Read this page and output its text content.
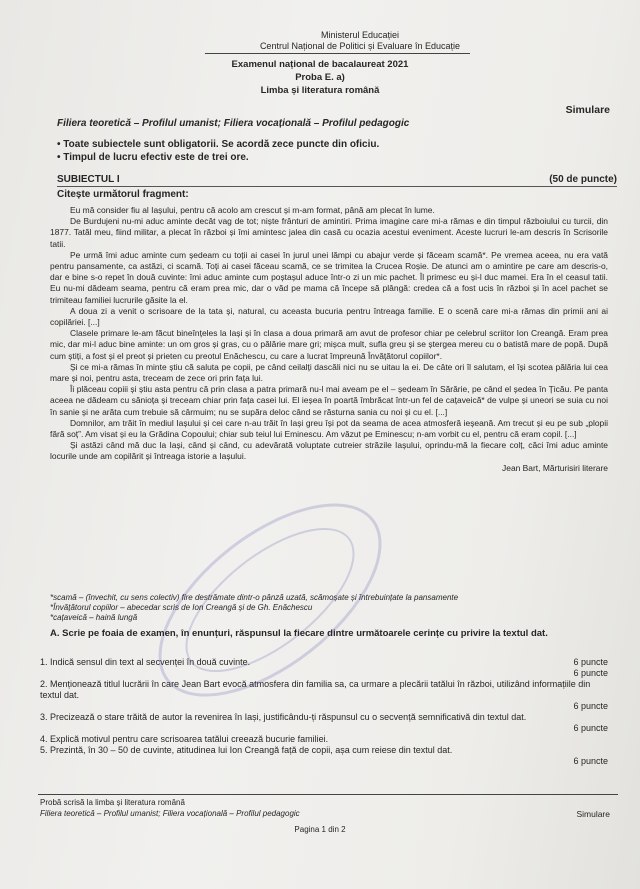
Ministerul Educației
Centrul Național de Politici și Evaluare în Educație
Examenul național de bacalaureat 2021
Proba E. a)
Limba și literatura română
Simulare
Filiera teoretică – Profilul umanist; Filiera vocațională – Profilul pedagogic
• Toate subiectele sunt obligatorii. Se acordă zece puncte din oficiu.
• Timpul de lucru efectiv este de trei ore.
SUBIECTUL I	(50 de puncte)
Citește următorul fragment:

Eu mă consider fiu al Iașului, pentru că acolo am crescut și m-am format, până am plecat în lume.

De Burdujeni nu-mi aduc aminte decât vag de tot; niște frânturi de amintiri. Prima imagine care mi-a rămas e din timpul războiului cu turcii, din 1877. Tatăl meu, fiind militar, a plecat în război și îmi amintesc jalea din casă cu ocazia acestui eveniment. Aceste lucruri le-am descris în Scrisorile tatii.

Pe urmă îmi aduc aminte cum ședeam cu toții ai casei în jurul unei lămpi cu abajur verde și făceam scamă*. Pe vremea aceea, nu era vată pentru pansamente, ca astăzi, ci scamă. Toți ai casei făceau scamă, ce se trimitea la Crucea Roșie. De atunci am o amintire pe care am descris-o, dar e bine s-o repet în două cuvinte: îmi aduc aminte cum poștașul aduce într-o zi un mic pachet. Îl primesc eu și-l duc mamei. Era în el ceasul tatii. Eu nu-mi dădeam seama, pentru că eram prea mic, dar o văd pe mama că începe să plângă: credea că a fost ucis în război și în acel pachet se trimiteau familiei lucrurile găsite la el.

A doua zi a venit o scrisoare de la tata și, natural, cu aceasta bucuria pentru întreaga familie. E o scenă care mi-a rămas din primii ani ai copilăriei. [...]

Clasele primare le-am făcut bineînțeles la Iași și în clasa a doua primară am avut de profesor chiar pe celebrul scriitor Ion Creangă. Eram prea mic, dar mi-l aduc bine aminte: un om gros și gras, cu o pălărie mare gri; mișca mult, sufla greu și se ștergea mereu cu o batistă mare de popă. După cum știți, a fost și el preot și prieten cu preotul Enăchescu, cu care a lucrat împreună Învățătorul copiilor*.

Și ce mi-a rămas în minte știu că saluta pe copii, pe când ceilalți dascăli nici nu se uitau la ei. De câte ori îl salutam, el își scotea pălăria lui cea mare și noi, pentru asta, treceam de zece ori prin fața lui.

Îi plăceau copiii și știu asta pentru că prin clasa a patra primară nu-l mai aveam pe el – ședeam în Sărărie, pe când el ședea în Țicău. Pe panta aceea ne dădeam cu sănioța și treceam chiar prin fața casei lui. El ieșea în poartă îmbrăcat într-un fel de cațaveică* de vulpe și uneori se suia cu noi în sanie și ne arăta cum trebuie să cârmuim; nu se supăra deloc când se răsturna sania cu noi și cu el. [...]

Domnilor, am trăit în mediul Iașului și cei care n-au trăit în Iași greu își pot da seama de acea atmosferă ieșeană. Am trecut și eu pe sub „plopii fără soț”. Am visat și eu la Grădina Copoului; chiar sub teiul lui Eminescu. Am văzut pe Eminescu; n-am vorbit cu el, pentru că eram copil. [...]

Și astăzi când mă duc la Iași, când și când, cu adevărată voluptate cutreier străzile Iașului, oprindu-mă la fiecare colț, căci îmi aduc aminte locurile unde am copilărit și întreaga istorie a Iașului.

Jean Bart, Mărturisiri literare
*scamă – (învechit, cu sens colectiv) fire destrămate dintr-o pânză uzată, scămoșate și întrebuințate la pansamente
*Învățătorul copiilor – abecedar scris de Ion Creangă și de Gh. Enăchescu
*cațaveică – haină lungă
A. Scrie pe foaia de examen, în enunțuri, răspunsul la fiecare dintre următoarele cerințe cu privire la textul dat.
1. Indică sensul din text al secvenței în două cuvinte.	6 puncte
6 puncte
2. Menționează titlul lucrării în care Jean Bart evocă atmosfera din familia sa, ca urmare a plecării tatălui în război, utilizând informațiile din textul dat.
6 puncte
3. Precizează o stare trăită de autor la revenirea în Iași, justificându-ți răspunsul cu o secvență semnificativă din textul dat.
6 puncte
4. Explică motivul pentru care scrisoarea tatălui creează bucurie familiei.
5. Prezintă, în 30 – 50 de cuvinte, atitudinea lui Ion Creangă față de copii, așa cum reiese din textul dat.
6 puncte
Probă scrisă la limba și literatura română
Filiera teoretică – Profilul umanist; Filiera vocațională – Profilul pedagogic	Simulare
Pagina 1 din 2
